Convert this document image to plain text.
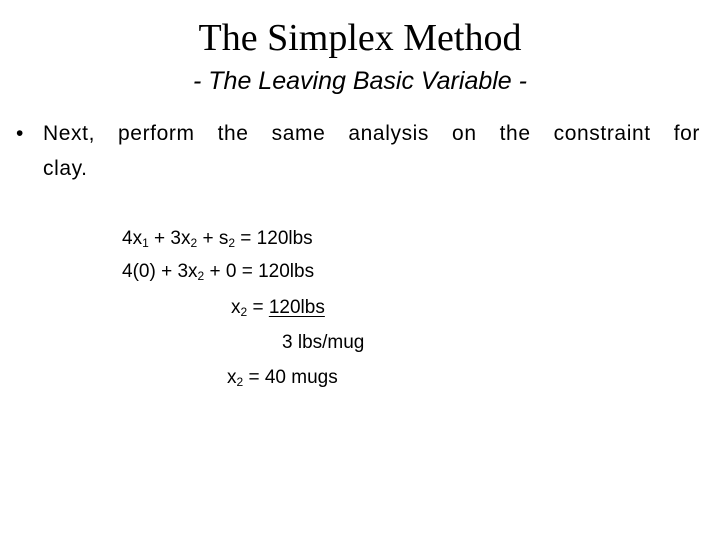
The Simplex Method
- The Leaving Basic Variable -
• Next, perform the same analysis on the constraint for
clay.
$4x_1 + 3x_2 + s_2 = 120lbs$
$4(0) + 3x_2 + 0 = 120lbs$
$x_2 = 120lbs$
3 lbs/mug
$x_2 = 40$ mugs
